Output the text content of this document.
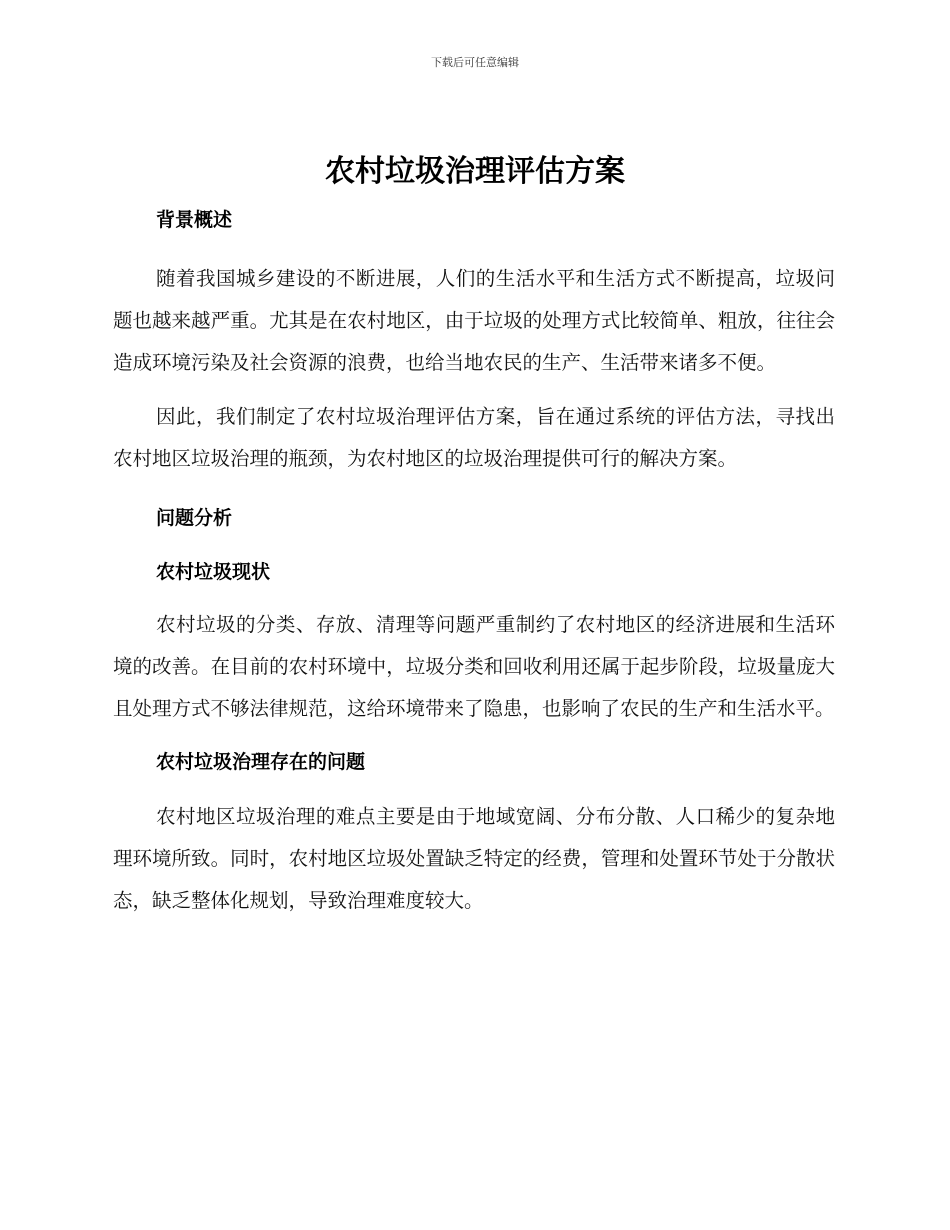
下载后可任意编辑
农村垃圾治理评估方案
背景概述

随着我国城乡建设的不断进展，人们的生活水平和生活方式不断提高，垃圾问题也越来越严重。尤其是在农村地区，由于垃圾的处理方式比较简单、粗放，往往会造成环境污染及社会资源的浪费，也给当地农民的生产、生活带来诸多不便。

因此，我们制定了农村垃圾治理评估方案，旨在通过系统的评估方法，寻找出农村地区垃圾治理的瓶颈，为农村地区的垃圾治理提供可行的解决方案。

问题分析
农村垃圾现状

农村垃圾的分类、存放、清理等问题严重制约了农村地区的经济进展和生活环境的改善。在目前的农村环境中，垃圾分类和回收利用还属于起步阶段，垃圾量庞大且处理方式不够法律规范，这给环境带来了隐患，也影响了农民的生产和生活水平。

农村垃圾治理存在的问题

农村地区垃圾治理的难点主要是由于地域宽阔、分布分散、人口稀少的复杂地理环境所致。同时，农村地区垃圾处置缺乏特定的经费，管理和处置环节处于分散状态，缺乏整体化规划，导致治理难度较大。
